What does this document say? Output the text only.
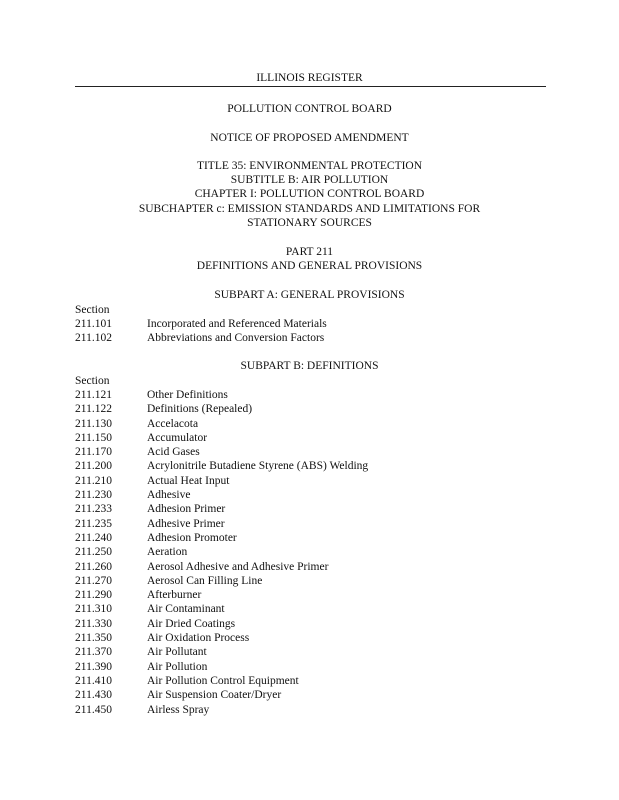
ILLINOIS REGISTER
POLLUTION CONTROL BOARD
NOTICE OF PROPOSED AMENDMENT
TITLE 35: ENVIRONMENTAL PROTECTION
SUBTITLE B: AIR POLLUTION
CHAPTER I: POLLUTION CONTROL BOARD
SUBCHAPTER c: EMISSION STANDARDS AND LIMITATIONS FOR
STATIONARY SOURCES
PART 211
DEFINITIONS AND GENERAL PROVISIONS
SUBPART A: GENERAL PROVISIONS
Section
211.101	Incorporated and Referenced Materials
211.102	Abbreviations and Conversion Factors
SUBPART B: DEFINITIONS
Section
211.121	Other Definitions
211.122	Definitions (Repealed)
211.130	Accelacota
211.150	Accumulator
211.170	Acid Gases
211.200	Acrylonitrile Butadiene Styrene (ABS) Welding
211.210	Actual Heat Input
211.230	Adhesive
211.233	Adhesion Primer
211.235	Adhesive Primer
211.240	Adhesion Promoter
211.250	Aeration
211.260	Aerosol Adhesive and Adhesive Primer
211.270	Aerosol Can Filling Line
211.290	Afterburner
211.310	Air Contaminant
211.330	Air Dried Coatings
211.350	Air Oxidation Process
211.370	Air Pollutant
211.390	Air Pollution
211.410	Air Pollution Control Equipment
211.430	Air Suspension Coater/Dryer
211.450	Airless Spray
